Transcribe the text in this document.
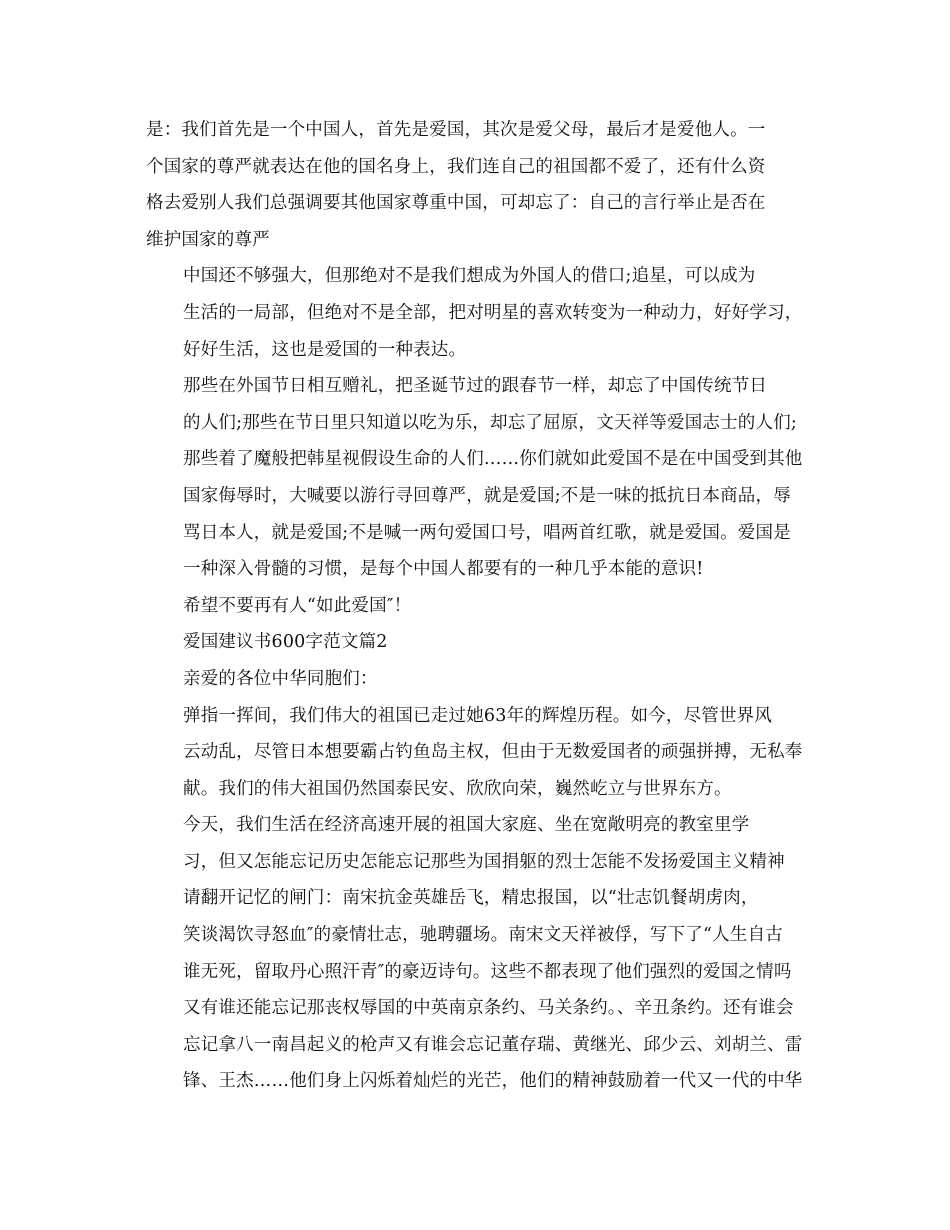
是：我们首先是一个中国人，首先是爱国，其次是爱父母，最后才是爱他人。一
个国家的尊严就表达在他的国名身上，我们连自己的祖国都不爱了，还有什么资
格去爱别人我们总强调要其他国家尊重中国，可却忘了：自己的言行举止是否在
维护国家的尊严

中国还不够强大，但那绝对不是我们想成为外国人的借口;追星，可以成为
生活的一局部，但绝对不是全部，把对明星的喜欢转变为一种动力，好好学习，
好好生活，这也是爱国的一种表达。

那些在外国节日相互赠礼，把圣诞节过的跟春节一样，却忘了中国传统节日
的人们;那些在节日里只知道以吃为乐，却忘了屈原，文天祥等爱国志士的人们;
那些着了魔般把韩星视假设生命的人们……你们就如此爱国不是在中国受到其他
国家侮辱时，大喊要以游行寻回尊严，就是爱国;不是一味的抵抗日本商品，辱
骂日本人，就是爱国;不是喊一两句爱国口号，唱两首红歌，就是爱国。爱国是
一种深入骨髓的习惯，是每个中国人都要有的一种几乎本能的意识!

希望不要再有人“如此爱国″！

爱国建议书600字范文篇2

亲爱的各位中华同胞们：

弹指一挥间，我们伟大的祖国已走过她63年的辉煌历程。如今，尽管世界风
云动乱，尽管日本想要霸占钓鱼岛主权，但由于无数爱国者的顽强拼搏，无私奉
献。我们的伟大祖国仍然国泰民安、欣欣向荣，巍然屹立与世界东方。

今天，我们生活在经济高速开展的祖国大家庭、坐在宽敞明亮的教室里学
习，但又怎能忘记历史怎能忘记那些为国捐躯的烈士怎能不发扬爱国主义精神

请翻开记忆的闸门：南宋抗金英雄岳飞，精忠报国，以“壮志饥餐胡虏肉，
笑谈渴饮寻怒血″的豪情壮志，驰聘疆场。南宋文天祥被俘，写下了“人生自古
谁无死，留取丹心照汗青″的豪迈诗句。这些不都表现了他们强烈的爱国之情吗
又有谁还能忘记那丧权辱国的中英南京条约、马关条约。、辛丑条约。还有谁会
忘记拿八一南昌起义的枪声又有谁会忘记董存瑞、黄继光、邱少云、刘胡兰、雷
锋、王杰……他们身上闪烁着灿烂的光芒，他们的精神鼓励着一代又一代的中华
